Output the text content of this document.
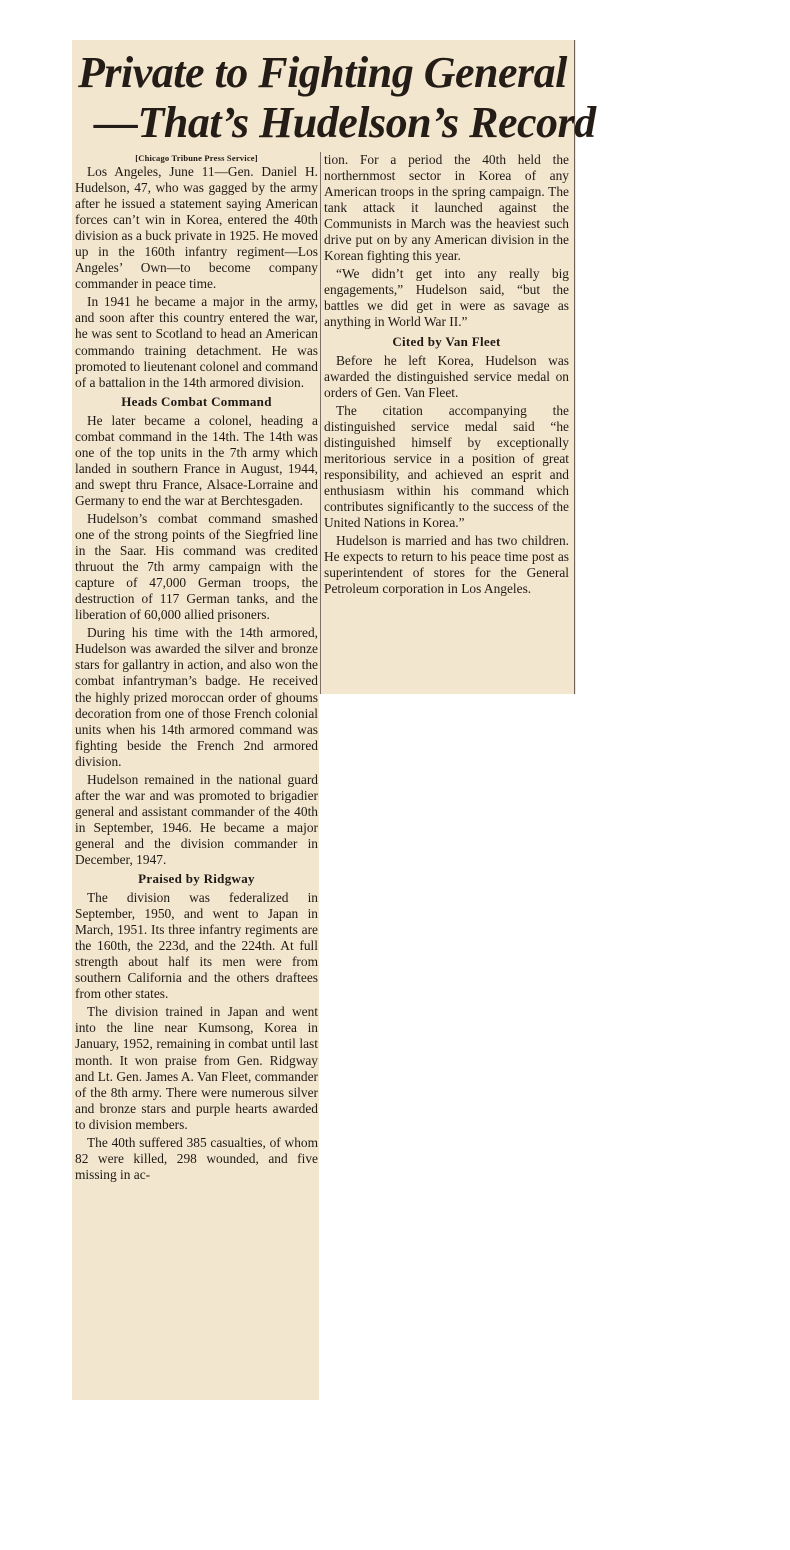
Private to Fighting General
—That’s Hudelson’s Record

[Chicago Tribune Press Service]

Los Angeles, June 11—Gen. Daniel H. Hudelson, 47, who was gagged by the army after he issued a statement saying American forces can’t win in Korea, entered the 40th division as a buck private in 1925. He moved up in the 160th infantry regiment—Los Angeles’ Own—to become company commander in peace time.

In 1941 he became a major in the army, and soon after this country entered the war, he was sent to Scotland to head an American commando training detachment. He was promoted to lieutenant colonel and command of a battalion in the 14th armored division.

Heads Combat Command

He later became a colonel, heading a combat command in the 14th. The 14th was one of the top units in the 7th army which landed in southern France in August, 1944, and swept thru France, Alsace-Lorraine and Germany to end the war at Berchtesgaden.

Hudelson’s combat command smashed one of the strong points of the Siegfried line in the Saar. His command was credited thruout the 7th army campaign with the capture of 47,000 German troops, the destruction of 117 German tanks, and the liberation of 60,000 allied prisoners.

During his time with the 14th armored, Hudelson was awarded the silver and bronze stars for gallantry in action, and also won the combat infantryman’s badge. He received the highly prized moroccan order of ghoums decoration from one of those French colonial units when his 14th armored command was fighting beside the French 2nd armored division.

Hudelson remained in the national guard after the war and was promoted to brigadier general and assistant commander of the 40th in September, 1946. He became a major general and the division commander in December, 1947.

Praised by Ridgway

The division was federalized in September, 1950, and went to Japan in March, 1951. Its three infantry regiments are the 160th, the 223d, and the 224th. At full strength about half its men were from southern California and the others draftees from other states.

The division trained in Japan and went into the line near Kumsong, Korea in January, 1952, remaining in combat until last month. It won praise from Gen. Ridgway and Lt. Gen. James A. Van Fleet, commander of the 8th army. There were numerous silver and bronze stars and purple hearts awarded to division members.

The 40th suffered 385 casualties, of whom 82 were killed, 298 wounded, and five missing in ac-

tion. For a period the 40th held the northernmost sector in Korea of any American troops in the spring campaign. The tank attack it launched against the Communists in March was the heaviest such drive put on by any American division in the Korean fighting this year.

“We didn’t get into any really big engagements,” Hudelson said, “but the battles we did get in were as savage as anything in World War II.”

Cited by Van Fleet

Before he left Korea, Hudelson was awarded the distinguished service medal on orders of Gen. Van Fleet.

The citation accompanying the distinguished service medal said “he distinguished himself by exceptionally meritorious service in a position of great responsibility, and achieved an esprit and enthusiasm within his command which contributes significantly to the success of the United Nations in Korea.”

Hudelson is married and has two children. He expects to return to his peace time post as superintendent of stores for the General Petroleum corporation in Los Angeles.
